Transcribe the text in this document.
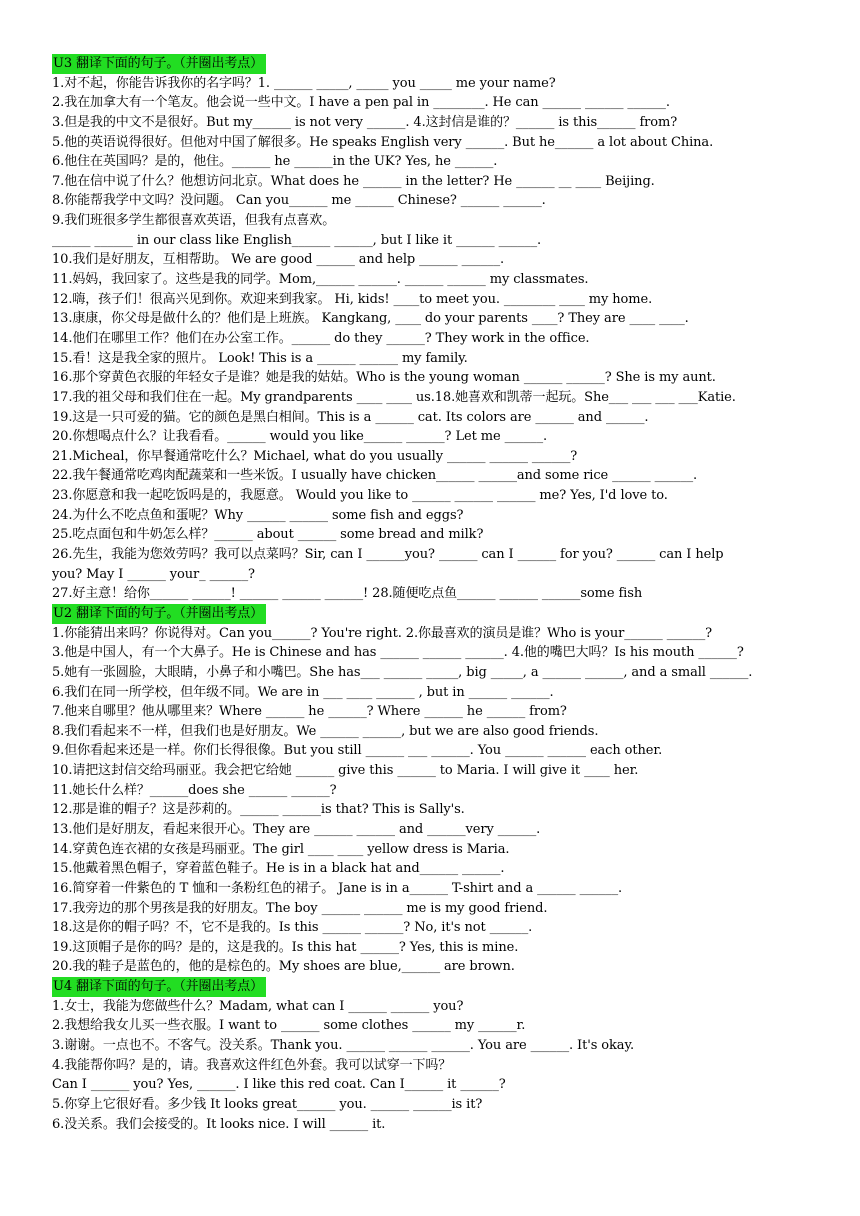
U3 翻译下面的句子。（并圈出考点）
1.对不起，你能告诉我你的名字吗？1. ______ _____, _____ you _____ me your name?
2.我在加拿大有一个笔友。他会说一些中文。I have a pen pal in ________. He can ______ ______ ______.
3.但是我的中文不是很好。But my______ is not very ______. 4.这封信是谁的？______ is this______ from?
5.他的英语说得很好。但他对中国了解很多。He speaks English very ______. But he______ a lot about China.
6.他住在英国吗？是的，他住。______ he ______in the UK? Yes, he ______.
7.他在信中说了什么？他想访问北京。What does he ______ in the letter? He ______ __ ____ Beijing.
8.你能帮我学中文吗？没问题。 Can you______ me ______ Chinese? ______ ______.
9.我们班很多学生都很喜欢英语，但我有点喜欢。
______ ______ in our class like English______ ______, but I like it ______ ______.
10.我们是好朋友，互相帮助。 We are good ______ and help ______ ______.
11.妈妈，我回家了。这些是我的同学。Mom,______ ______. ______ ______ my classmates.
12.嗨，孩子们！很高兴见到你。欢迎来到我家。 Hi, kids! ____to meet you. ________ ____ my home.
13.康康，你父母是做什么的？他们是上班族。 Kangkang, ____ do your parents ____? They are ____ ____.
14.他们在哪里工作？他们在办公室工作。______ do they ______? They work in the office.
15.看！这是我全家的照片。 Look! This is a ______ ______ my family.
16.那个穿黄色衣服的年轻女子是谁？她是我的姑姑。Who is the young woman ______ ______? She is my aunt.
17.我的祖父母和我们住在一起。My grandparents ____ ____ us.18.她喜欢和凯蒂一起玩。She___ ___ ___ ___Katie.
19.这是一只可爱的猫。它的颜色是黑白相间。This is a ______ cat. Its colors are ______ and ______.
20.你想喝点什么？让我看看。______ would you like______ ______? Let me ______.
21.Micheal，你早餐通常吃什么？Michael, what do you usually ______ ______ ______?
22.我午餐通常吃鸡肉配蔬菜和一些米饭。I usually have chicken______ ______and some rice ______ ______.
23.你愿意和我一起吃饭吗是的，我愿意。 Would you like to ______ ______ ______ me? Yes, I'd love to.
24.为什么不吃点鱼和蛋呢？Why ______ ______ some fish and eggs?
25.吃点面包和牛奶怎么样？______ about ______ some bread and milk?
26.先生，我能为您效劳吗？我可以点菜吗？Sir, can I ______you? ______ can I ______ for you? ______ can I help
you? May I ______ your_ ______?
27.好主意！给你______ ______! ______ ______ ______! 28.随便吃点鱼______ ______ ______some fish
U2 翻译下面的句子。（并圈出考点）
1.你能猜出来吗？你说得对。Can you______? You're right. 2.你最喜欢的演员是谁？Who is your______ ______?
3.他是中国人，有一个大鼻子。He is Chinese and has ______ ______ ______. 4.他的嘴巴大吗？Is his mouth ______?
5.她有一张圆脸，大眼睛，小鼻子和小嘴巴。She has___ ______ _____, big _____, a ______ ______, and a small ______.
6.我们在同一所学校，但年级不同。We are in ___ ____ ______ , but in ______ ______.
7.他来自哪里？他从哪里来？Where ______ he ______? Where ______ he ______ from?
8.我们看起来不一样，但我们也是好朋友。We ______ ______, but we are also good friends.
9.但你看起来还是一样。你们长得很像。But you still ______ ___ ______. You ______ ______ each other.
10.请把这封信交给玛丽亚。我会把它给她 ______ give this ______ to Maria. I will give it ____ her.
11.她长什么样？______does she ______ ______?
12.那是谁的帽子？这是莎莉的。______ ______is that? This is Sally's.
13.他们是好朋友，看起来很开心。They are ______ ______ and ______very ______.
14.穿黄色连衣裙的女孩是玛丽亚。The girl ____ ____ yellow dress is Maria.
15.他戴着黑色帽子，穿着蓝色鞋子。He is in a black hat and______ ______.
16.简穿着一件紫色的 T 恤和一条粉红色的裙子。 Jane is in a______ T-shirt and a ______ ______.
17.我旁边的那个男孩是我的好朋友。The boy ______ ______ me is my good friend.
18.这是你的帽子吗？不，它不是我的。Is this ______ ______? No, it's not ______.
19.这顶帽子是你的吗？是的，这是我的。Is this hat ______? Yes, this is mine.
20.我的鞋子是蓝色的，他的是棕色的。My shoes are blue,______ are brown.
U4 翻译下面的句子。（并圈出考点）
1.女士，我能为您做些什么？Madam, what can I ______ ______ you?
2.我想给我女儿买一些衣服。I want to ______ some clothes ______ my ______r.
3.谢谢。一点也不。不客气。没关系。Thank you. ______ ______ ______. You are ______. It's okay.
4.我能帮你吗？是的，请。我喜欢这件红色外套。我可以试穿一下吗？
Can I ______ you? Yes, ______. I like this red coat. Can I______ it ______?
5.你穿上它很好看。多少钱 It looks great______ you. ______ ______is it?
6.没关系。我们会接受的。It looks nice. I will ______ it.
